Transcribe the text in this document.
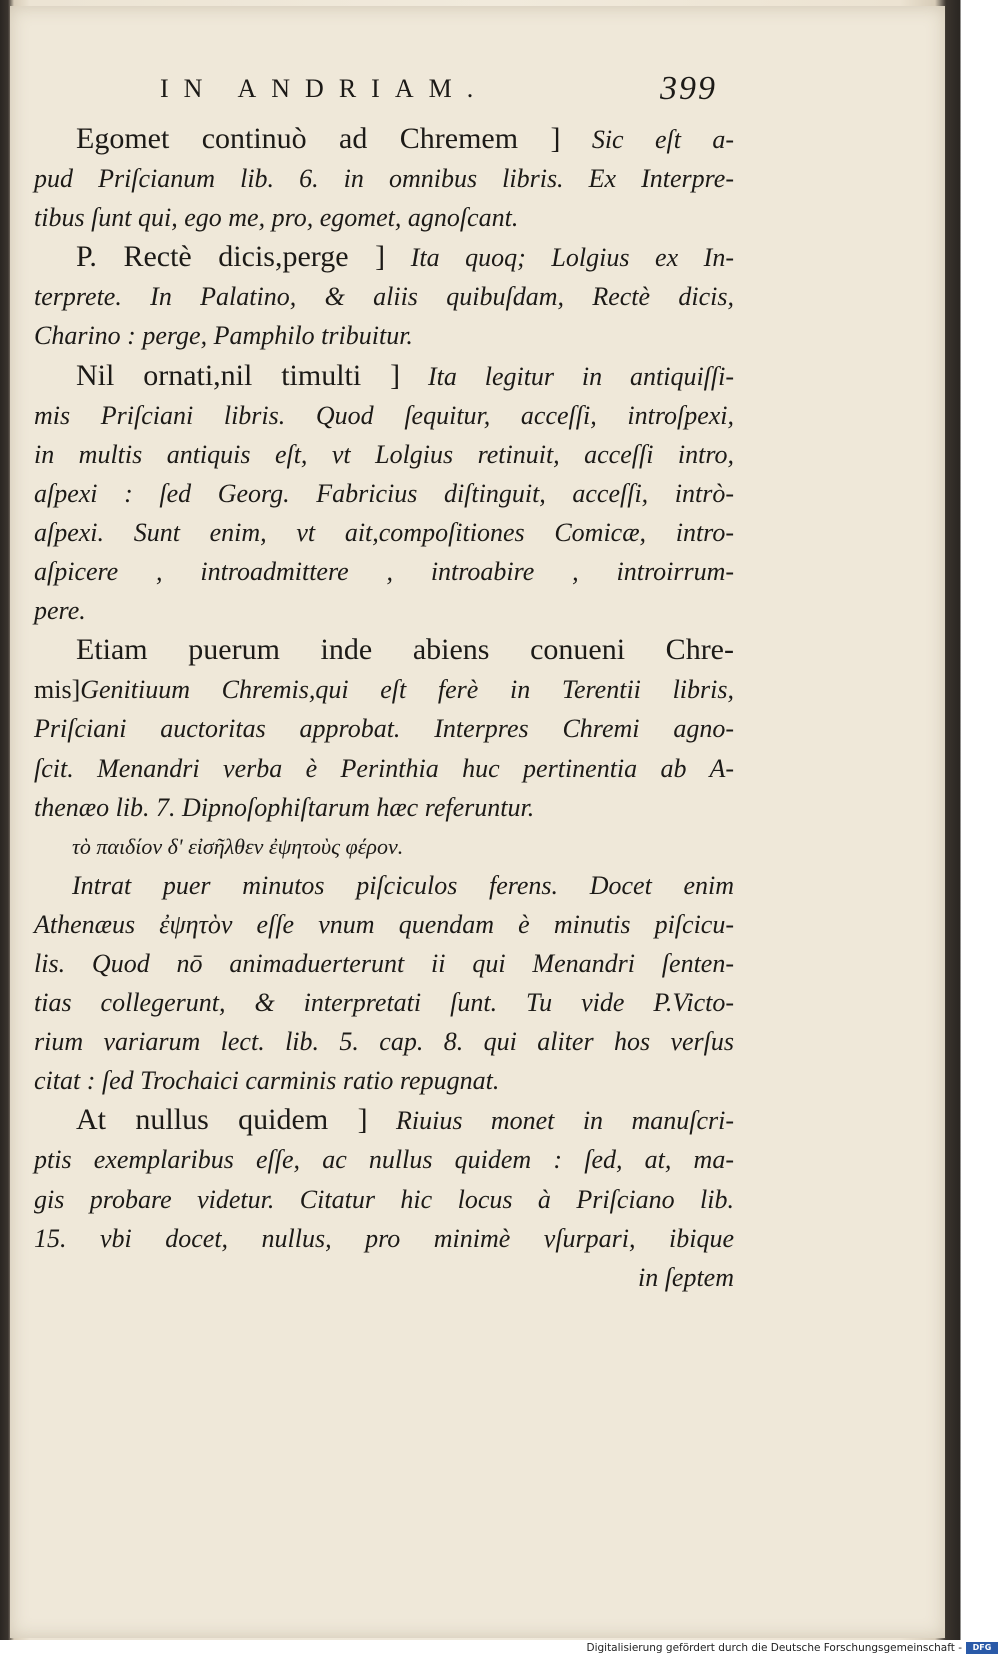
IN ANDRIAM.	399

Egomet continuò ad Chremem ] Sic eſt a-

pud Priſcianum lib. 6. in omnibus libris. Ex Interpre-

tibus ſunt qui, ego me, pro, egomet, agnoſcant.

P. Rectè dicis,perge ] Ita quoq; Lolgius ex In-

terprete. In Palatino, & aliis quibuſdam, Rectè dicis,

Charino : perge, Pamphilo tribuitur.

Nil ornati,nil timulti ] Ita legitur in antiquiſſi-

mis Priſciani libris. Quod ſequitur, acceſſi, introſpexi,

in multis antiquis eſt, vt Lolgius retinuit, acceſſi intro,

aſpexi : ſed Georg. Fabricius diſtinguit, acceſſi, intrò-

aſpexi. Sunt enim, vt ait,compoſitiones Comicæ, intro-

aſpicere , introadmittere , introabire , introirrum-

pere.

Etiam puerum inde abiens conueni Chre-

mis]Genitiuum Chremis,qui eſt ferè in Terentii libris,

Priſciani auctoritas approbat. Interpres Chremi agno-

ſcit. Menandri verba è Perinthia huc pertinentia ab A-

thenæo lib. 7. Dipnoſophiſtarum hæc referuntur.

τὸ παιδίον δ' εἰσῆλθεν ἐψητοὺς φέρον.

Intrat puer minutos piſciculos ferens. Docet enim

Athenæus ἐψητὸν eſſe vnum quendam è minutis piſcicu-

lis. Quod nō animaduerterunt ii qui Menandri ſenten-

tias collegerunt, & interpretati ſunt. Tu vide P.Victo-

rium variarum lect. lib. 5. cap. 8. qui aliter hos verſus

citat : ſed Trochaici carminis ratio repugnat.

At nullus quidem ] Riuius monet in manuſcri-

ptis exemplaribus eſſe, ac nullus quidem : ſed, at, ma-

gis probare videtur. Citatur hic locus à Priſciano lib.

15. vbi docet, nullus, pro minimè vſurpari, ibique

in ſeptem

Digitalisierung gefördert durch die Deutsche Forschungsgemeinschaft -	DFG
